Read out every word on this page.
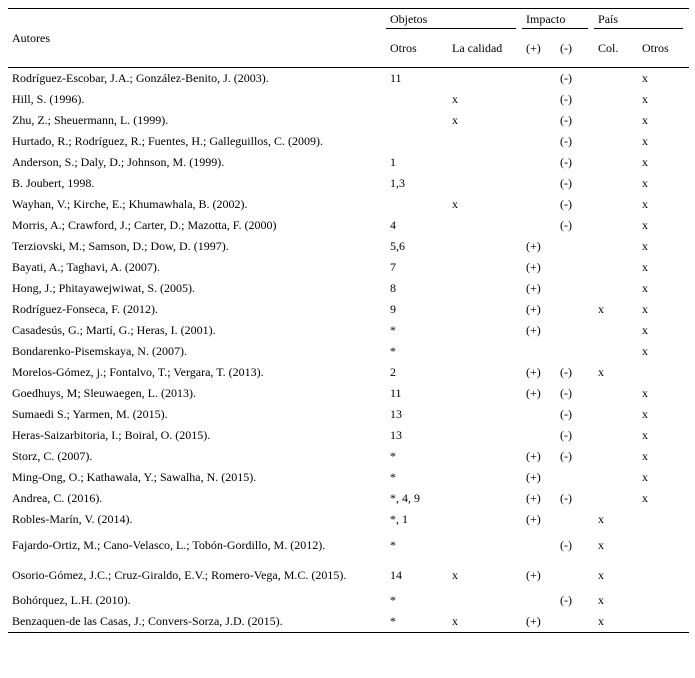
Autores	Objetos		Impacto		País	
	Otros	La calidad	(+)	(-)	Col.	Otros
Rodríguez-Escobar, J.A.; González-Benito, J. (2003).	11			(-)		x
Hill, S. (1996).		x		(-)		x
Zhu, Z.; Sheuermann, L. (1999).		x		(-)		x
Hurtado, R.; Rodríguez, R.; Fuentes, H.; Galleguillos, C. (2009).				(-)		x
Anderson, S.; Daly, D.; Johnson, M. (1999).	1			(-)		x
B. Joubert, 1998.	1,3			(-)		x
Wayhan, V.; Kirche, E.; Khumawhala, B. (2002).		x		(-)		x
Morris, A.; Crawford, J.; Carter, D.; Mazotta, F. (2000)	4			(-)		x
Terziovski, M.; Samson, D.; Dow, D. (1997).	5,6		(+)			x
Bayati, A.; Taghavi, A. (2007).	7		(+)			x
Hong, J.; Phitayawejwiwat, S. (2005).	8		(+)			x
Rodríguez-Fonseca, F. (2012).	9		(+)		x	x
Casadesús, G.; Martí, G.; Heras, I. (2001).	*		(+)			x
Bondarenko-Pisemskaya, N. (2007).	*					x
Morelos-Gómez, j.; Fontalvo, T.; Vergara, T. (2013).	2		(+)	(-)	x	
Goedhuys, M; Sleuwaegen, L. (2013).	11		(+)	(-)		x
Sumaedi S.; Yarmen, M. (2015).	13			(-)		x
Heras-Saizarbitoria, I.; Boiral, O. (2015).	13			(-)		x
Storz, C. (2007).	*		(+)	(-)		x
Ming-Ong, O.; Kathawala, Y.; Sawalha, N. (2015).	*		(+)			x
Andrea, C. (2016).	*, 4, 9		(+)	(-)		x
Robles-Marín, V. (2014).	*, 1		(+)		x	
Fajardo-Ortiz, M.; Cano-Velasco, L.; Tobón-Gordillo, M. (2012).	*			(-)	x	
Osorio-Gómez, J.C.; Cruz-Giraldo, E.V.; Romero-Vega, M.C. (2015).	14	x	(+)		x	
Bohórquez, L.H. (2010).	*			(-)	x	
Benzaquen-de las Casas, J.; Convers-Sorza, J.D. (2015).	*	x	(+)		x	
